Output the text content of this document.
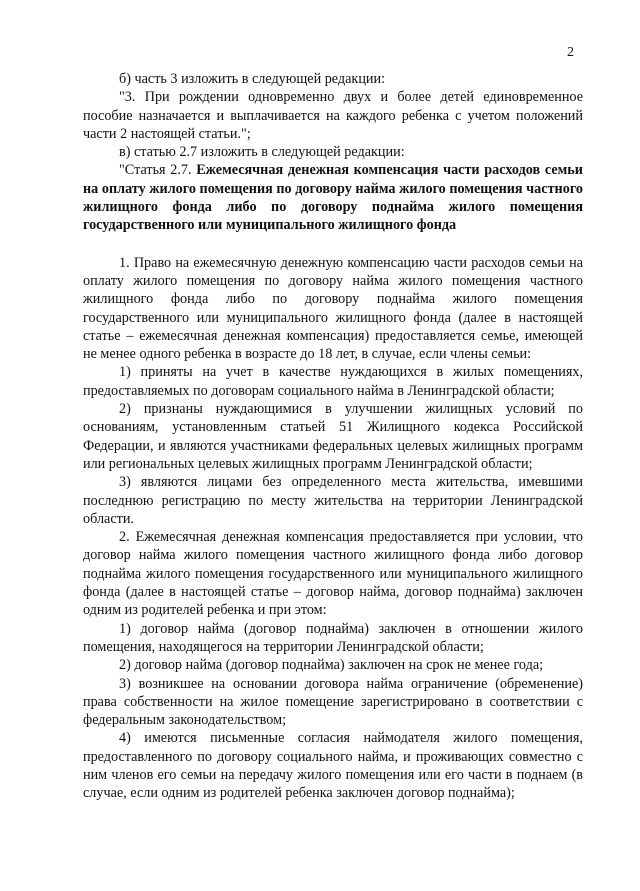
2

б) часть 3 изложить в следующей редакции:

"3. При рождении одновременно двух и более детей единовременное пособие назначается и выплачивается на каждого ребенка с учетом положений части 2 настоящей статьи.";

в) статью 2.7 изложить в следующей редакции:

"Статья 2.7. Ежемесячная денежная компенсация части расходов семьи на оплату жилого помещения по договору найма жилого помещения частного жилищного фонда либо по договору поднайма жилого помещения государственного или муниципального жилищного фонда

1. Право на ежемесячную денежную компенсацию части расходов семьи на оплату жилого помещения по договору найма жилого помещения частного жилищного фонда либо по договору поднайма жилого помещения государственного или муниципального жилищного фонда (далее в настоящей статье – ежемесячная денежная компенсация) предоставляется семье, имеющей не менее одного ребенка в возрасте до 18 лет, в случае, если члены семьи:

1) приняты на учет в качестве нуждающихся в жилых помещениях, предоставляемых по договорам социального найма в Ленинградской области;

2) признаны нуждающимися в улучшении жилищных условий по основаниям, установленным статьей 51 Жилищного кодекса Российской Федерации, и являются участниками федеральных целевых жилищных программ или региональных целевых жилищных программ Ленинградской области;

3) являются лицами без определенного места жительства, имевшими последнюю регистрацию по месту жительства на территории Ленинградской области.

2. Ежемесячная денежная компенсация предоставляется при условии, что договор найма жилого помещения частного жилищного фонда либо договор поднайма жилого помещения государственного или муниципального жилищного фонда (далее в настоящей статье – договор найма, договор поднайма) заключен одним из родителей ребенка и при этом:

1) договор найма (договор поднайма) заключен в отношении жилого помещения, находящегося на территории Ленинградской области;

2) договор найма (договор поднайма) заключен на срок не менее года;

3) возникшее на основании договора найма ограничение (обременение) права собственности на жилое помещение зарегистрировано в соответствии с федеральным законодательством;

4) имеются письменные согласия наймодателя жилого помещения, предоставленного по договору социального найма, и проживающих совместно с ним членов его семьи на передачу жилого помещения или его части в поднаем (в случае, если одним из родителей ребенка заключен договор поднайма);
